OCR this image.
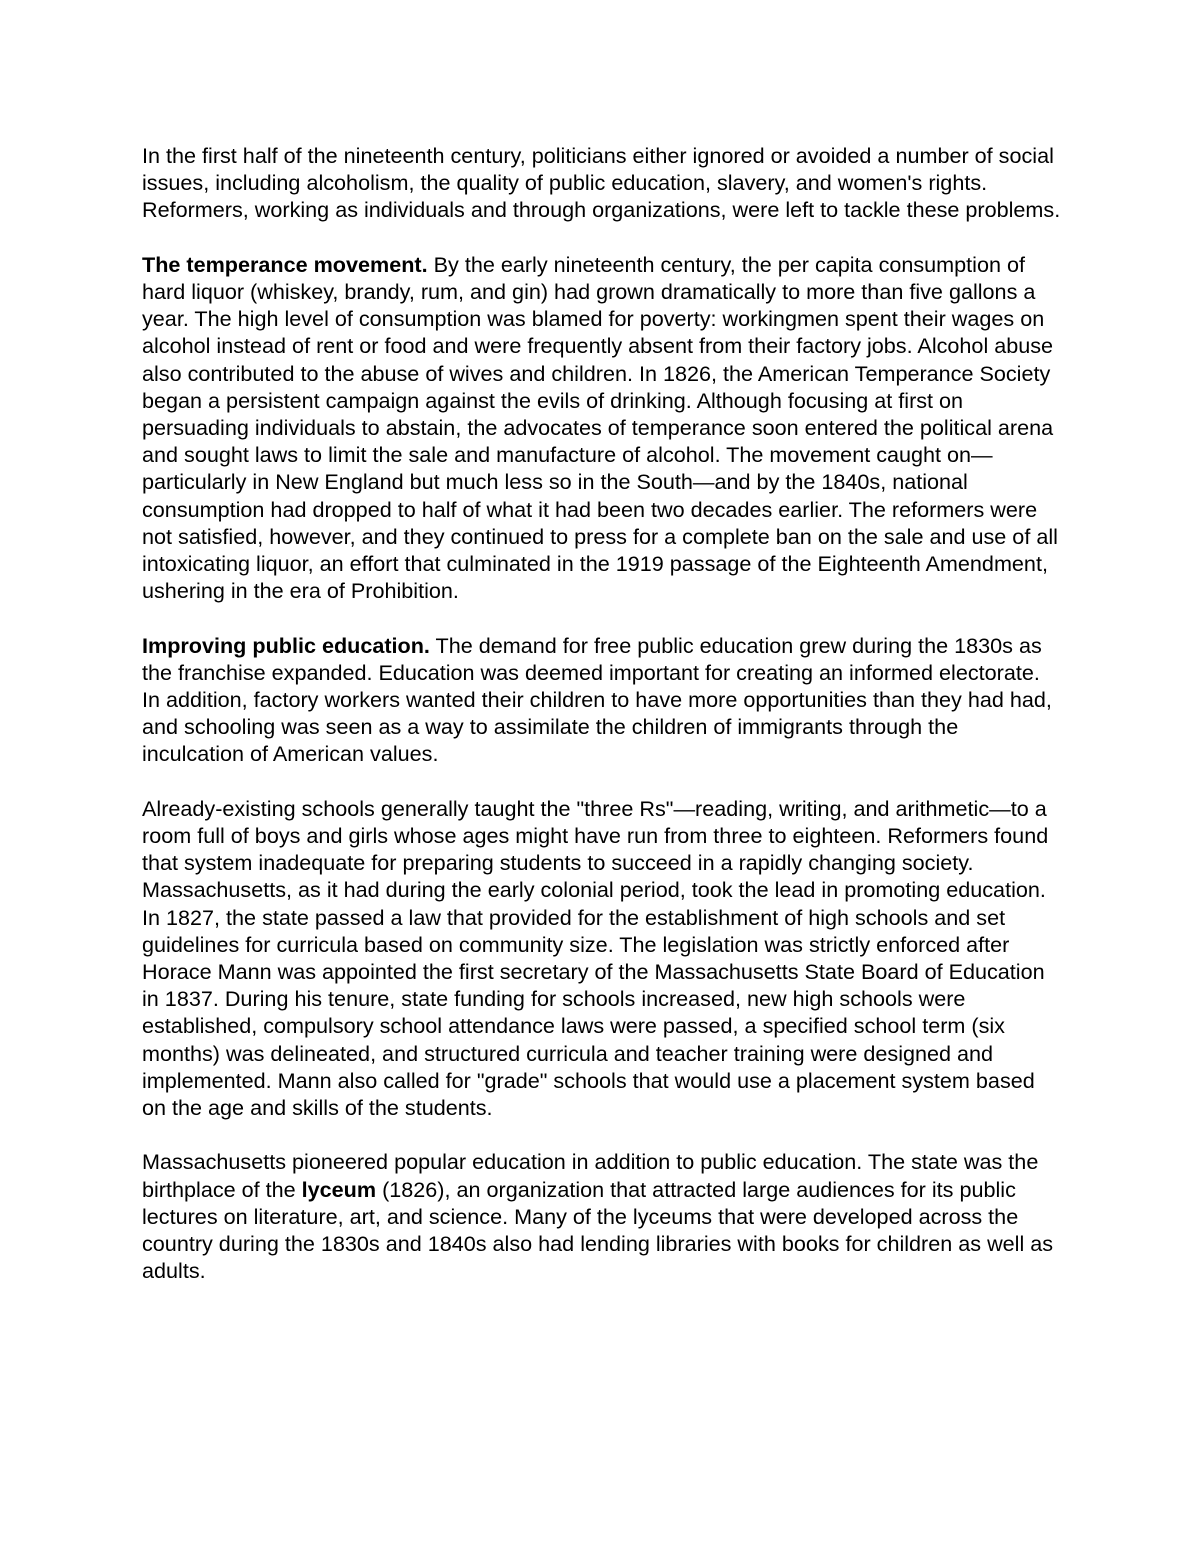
In the first half of the nineteenth century, politicians either ignored or avoided a number of social issues, including alcoholism, the quality of public education, slavery, and women's rights. Reformers, working as individuals and through organizations, were left to tackle these problems.

The temperance movement. By the early nineteenth century, the per capita consumption of hard liquor (whiskey, brandy, rum, and gin) had grown dramatically to more than five gallons a year. The high level of consumption was blamed for poverty: workingmen spent their wages on alcohol instead of rent or food and were frequently absent from their factory jobs. Alcohol abuse also contributed to the abuse of wives and children. In 1826, the American Temperance Society began a persistent campaign against the evils of drinking. Although focusing at first on persuading individuals to abstain, the advocates of temperance soon entered the political arena and sought laws to limit the sale and manufacture of alcohol. The movement caught on—particularly in New England but much less so in the South—and by the 1840s, national consumption had dropped to half of what it had been two decades earlier. The reformers were not satisfied, however, and they continued to press for a complete ban on the sale and use of all intoxicating liquor, an effort that culminated in the 1919 passage of the Eighteenth Amendment, ushering in the era of Prohibition.

Improving public education. The demand for free public education grew during the 1830s as the franchise expanded. Education was deemed important for creating an informed electorate. In addition, factory workers wanted their children to have more opportunities than they had had, and schooling was seen as a way to assimilate the children of immigrants through the inculcation of American values.

Already-existing schools generally taught the "three Rs"—reading, writing, and arithmetic—to a room full of boys and girls whose ages might have run from three to eighteen. Reformers found that system inadequate for preparing students to succeed in a rapidly changing society. Massachusetts, as it had during the early colonial period, took the lead in promoting education. In 1827, the state passed a law that provided for the establishment of high schools and set guidelines for curricula based on community size. The legislation was strictly enforced after Horace Mann was appointed the first secretary of the Massachusetts State Board of Education in 1837. During his tenure, state funding for schools increased, new high schools were established, compulsory school attendance laws were passed, a specified school term (six months) was delineated, and structured curricula and teacher training were designed and implemented. Mann also called for "grade" schools that would use a placement system based on the age and skills of the students.

Massachusetts pioneered popular education in addition to public education. The state was the birthplace of the lyceum (1826), an organization that attracted large audiences for its public lectures on literature, art, and science. Many of the lyceums that were developed across the country during the 1830s and 1840s also had lending libraries with books for children as well as adults.
